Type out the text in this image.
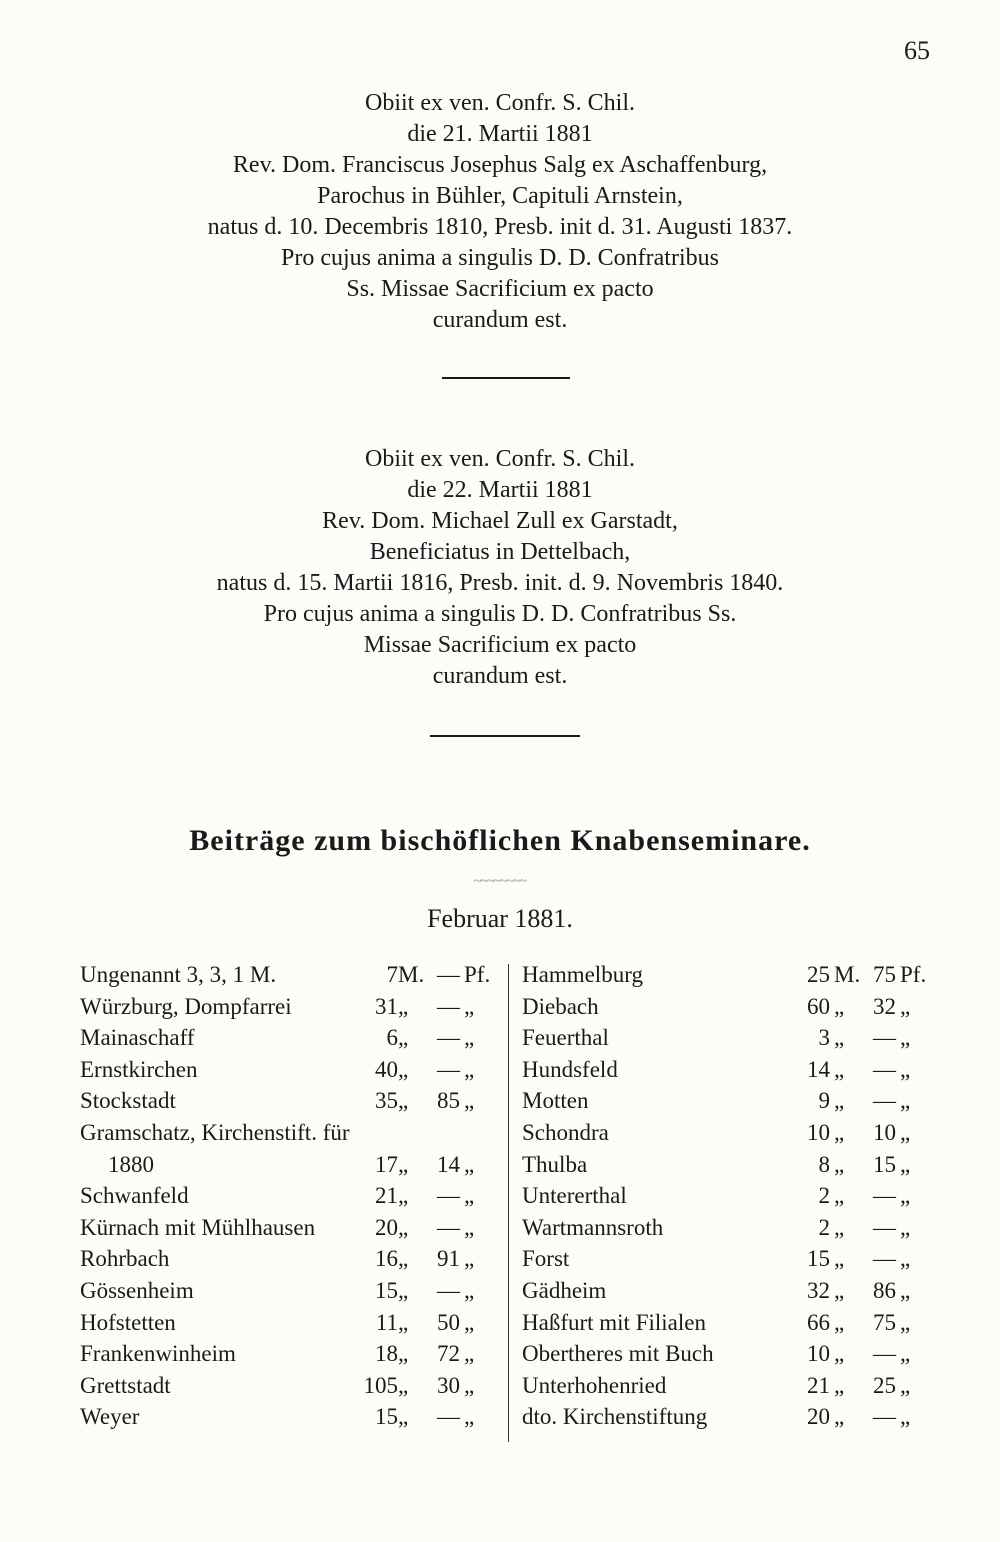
65
Obiit ex ven. Confr. S. Chil.
die 21. Martii 1881
Rev. Dom. Franciscus Josephus Salg ex Aschaffenburg,
Parochus in Bühler, Capituli Arnstein,
natus d. 10. Decembris 1810, Presb. init d. 31. Augusti 1837.
Pro cujus anima a singulis D. D. Confratribus
Ss. Missae Sacrificium ex pacto
curandum est.
Obiit ex ven. Confr. S. Chil.
die 22. Martii 1881
Rev. Dom. Michael Zull ex Garstadt,
Beneficiatus in Dettelbach,
natus d. 15. Martii 1816, Presb. init. d. 9. Novembris 1840.
Pro cujus anima a singulis D. D. Confratribus Ss.
Missae Sacrificium ex pacto
curandum est.
Beiträge zum bischöflichen Knabenseminare.
~~~~~~~~
Februar 1881.
Ungenannt 3, 3, 1 M.	7 M. — Pf.
Würzburg, Dompfarrei	31 „ — „
Mainaschaff	6 „ — „
Ernstkirchen	40 „ — „
Stockstadt	35 „ 85 „
Gramschatz, Kirchenstift. für
1880	17 „ 14 „
Schwanfeld	21 „ — „
Kürnach mit Mühlhausen	20 „ — „
Rohrbach	16 „ 91 „
Gössenheim	15 „ — „
Hofstetten	11 „ 50 „
Frankenwinheim	18 „ 72 „
Grettstadt	105 „ 30 „
Weyer	15 „ — „
Hammelburg	25 M. 75 Pf.
Diebach	60 „ 32 „
Feuerthal	3 „ — „
Hundsfeld	14 „ — „
Motten	9 „ — „
Schondra	10 „ 10 „
Thulba	8 „ 15 „
Untererthal	2 „ — „
Wartmannsroth	2 „ — „
Forst	15 „ — „
Gädheim	32 „ 86 „
Haßfurt mit Filialen	66 „ 75 „
Obertheres mit Buch	10 „ — „
Unterhohenried	21 „ 25 „
dto. Kirchenstiftung	20 „ — „
